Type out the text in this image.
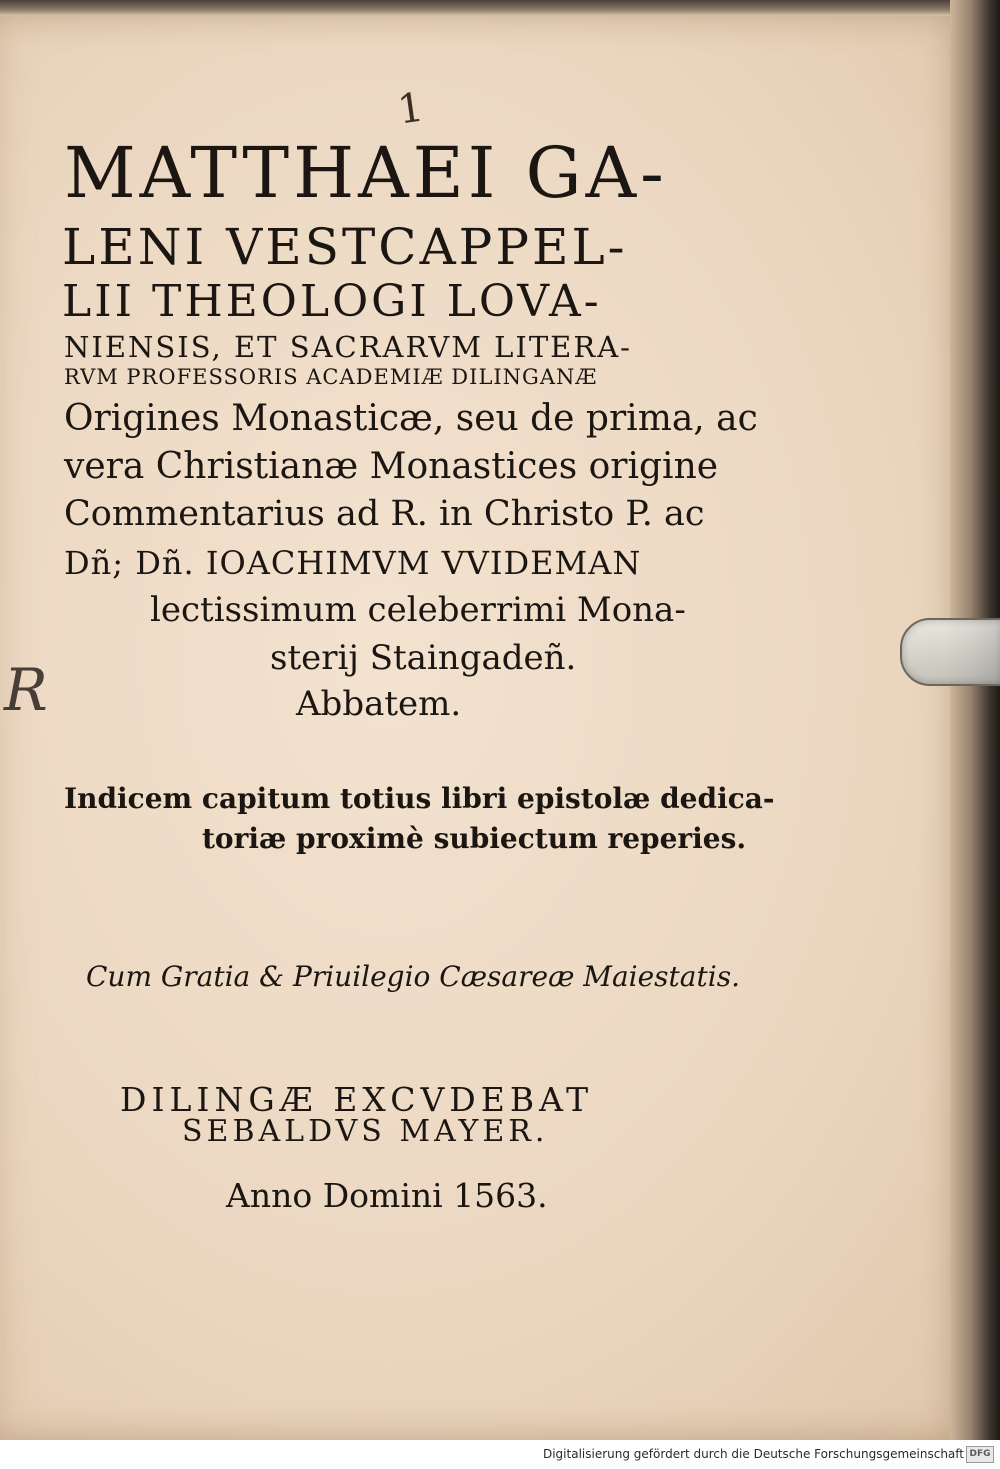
1
R
MATTHAEI GA-
LENI VESTCAPPEL-
LII THEOLOGI LOVA-
NIENSIS, ET SACRARVM LITERA-
RVM PROFESSORIS ACADEMIÆ DILINGANÆ
Origines Monasticæ, seu de prima, ac
vera Christianæ Monastices origine
Commentarius ad R. in Christo P. ac
Dñ; Dñ. IOACHIMVM VVIDEMAN
lectissimum celeberrimi Mona-
sterij Staingadeñ.
Abbatem.
Indicem capitum totius libri epistolæ dedica-
toriæ proximè subiectum reperies.
Cum Gratia & Priuilegio Cæsareæ Maiestatis.
DILINGÆ EXCVDEBAT
SEBALDVS MAYER.
Anno Domini 1563.
Digitalisierung gefördert durch die Deutsche Forschungsgemeinschaft DFG
